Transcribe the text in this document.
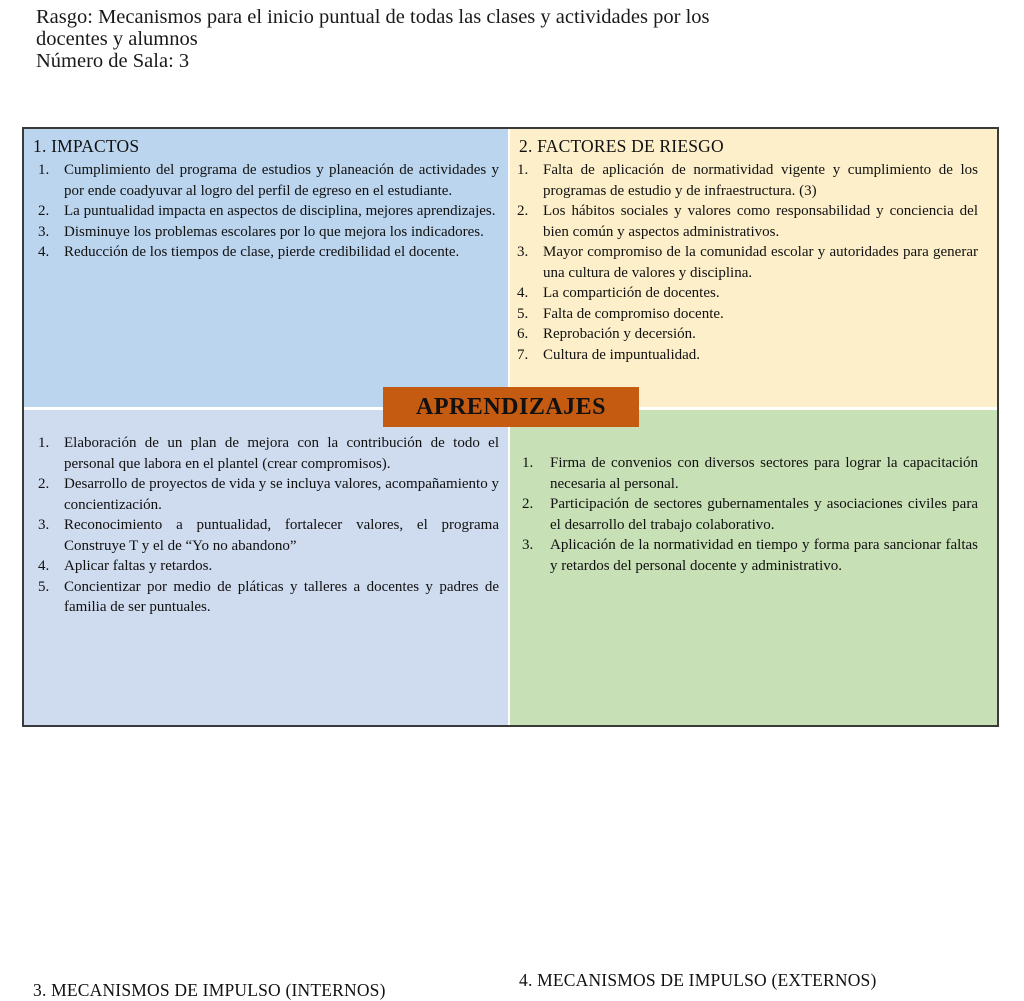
Rasgo: Mecanismos para el inicio puntual de todas las clases y actividades por los
docentes y alumnos
Número de Sala: 3
1. IMPACTOS
1. Cumplimiento del programa de estudios y planeación de actividades y por ende coadyuvar al logro del perfil de egreso en el estudiante.
2. La puntualidad impacta en aspectos de disciplina, mejores aprendizajes.
3. Disminuye los problemas escolares por lo que mejora los indicadores.
4. Reducción de los tiempos de clase, pierde credibilidad el docente.
2. FACTORES DE RIESGO
1. Falta de aplicación de normatividad vigente y cumplimiento de los programas de estudio y de infraestructura. (3)
2. Los hábitos sociales y valores como responsabilidad y conciencia del bien común y aspectos administrativos.
3. Mayor compromiso de la comunidad escolar y autoridades para generar una cultura de valores y disciplina.
4. La compartición de docentes.
5. Falta de compromiso docente.
6. Reprobación y decersión.
7. Cultura de impuntualidad.
1. Elaboración de un plan de mejora con la contribución de todo el personal que labora en el plantel (crear compromisos).
2. Desarrollo de proyectos de vida y se incluya valores, acompañamiento y concientización.
3. Reconocimiento a puntualidad, fortalecer valores, el programa Construye T y el de “Yo no abandono”
4. Aplicar faltas y retardos.
5. Concientizar por medio de pláticas y talleres a docentes y padres de familia de ser puntuales.
3. MECANISMOS DE IMPULSO (INTERNOS)
1. Firma de convenios con diversos sectores para lograr la capacitación necesaria al personal.
2. Participación de sectores gubernamentales y asociaciones civiles para el desarrollo del trabajo colaborativo.
3. Aplicación de la normatividad en tiempo y forma para sancionar faltas y retardos del personal docente y administrativo.
4. MECANISMOS DE IMPULSO (EXTERNOS)
APRENDIZAJES
